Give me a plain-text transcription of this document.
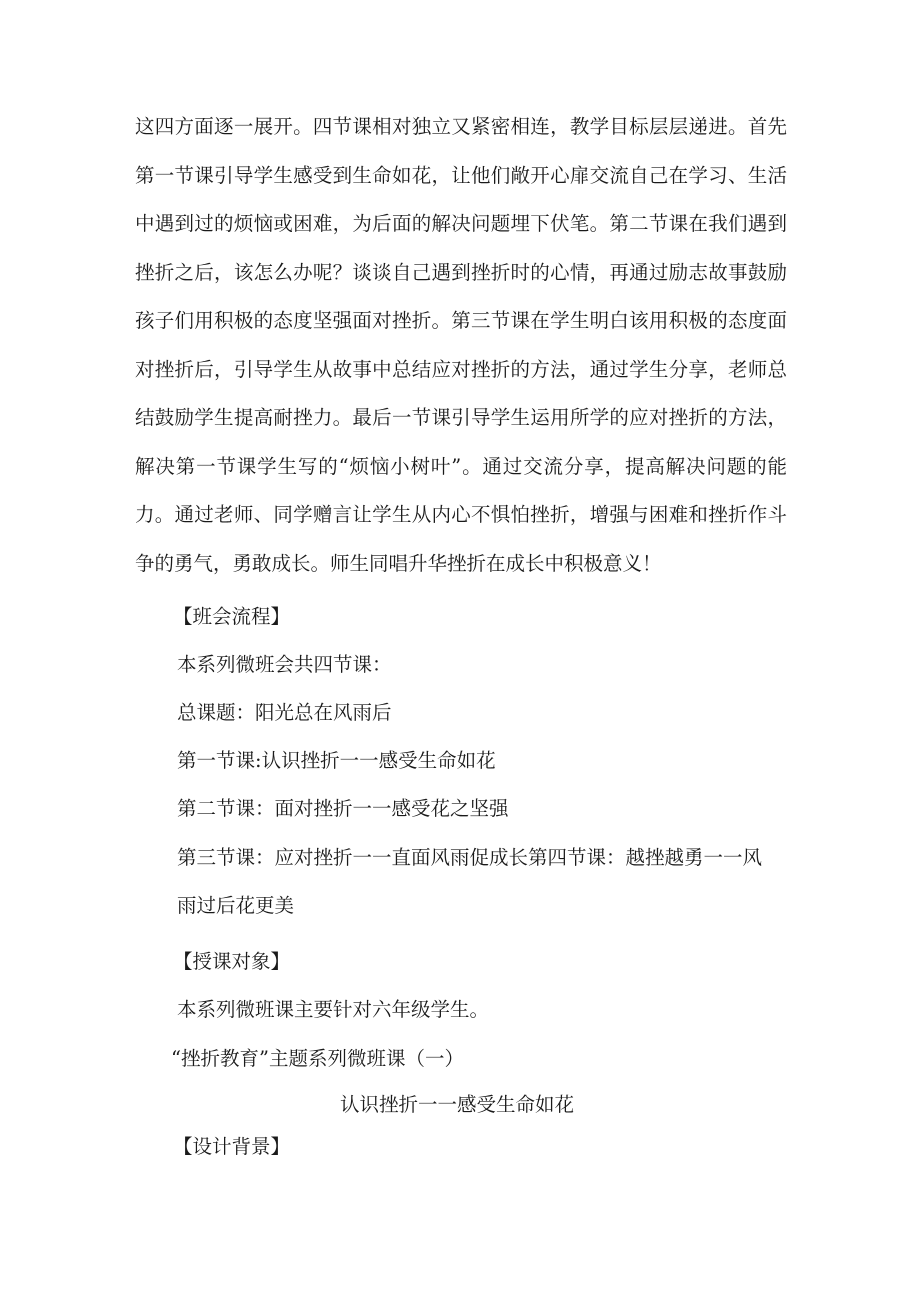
这四方面逐一展开。四节课相对独立又紧密相连，教学目标层层递进。首先第一节课引导学生感受到生命如花，让他们敞开心扉交流自己在学习、生活中遇到过的烦恼或困难，为后面的解决问题埋下伏笔。第二节课在我们遇到挫折之后，该怎么办呢？谈谈自己遇到挫折时的心情，再通过励志故事鼓励孩子们用积极的态度坚强面对挫折。第三节课在学生明白该用积极的态度面对挫折后，引导学生从故事中总结应对挫折的方法，通过学生分享，老师总结鼓励学生提高耐挫力。最后一节课引导学生运用所学的应对挫折的方法，解决第一节课学生写的“烦恼小树叶”。通过交流分享，提高解决问题的能力。通过老师、同学赠言让学生从内心不惧怕挫折，增强与困难和挫折作斗争的勇气，勇敢成长。师生同唱升华挫折在成长中积极意义！

【班会流程】

本系列微班会共四节课：

总课题：阳光总在风雨后

第一节课:认识挫折一一感受生命如花

第二节课：面对挫折一一感受花之坚强

第三节课：应对挫折一一直面风雨促成长第四节课：越挫越勇一一风

雨过后花更美

【授课对象】

本系列微班课主要针对六年级学生。

“挫折教育”主题系列微班课（一）

认识挫折一一感受生命如花

【设计背景】
